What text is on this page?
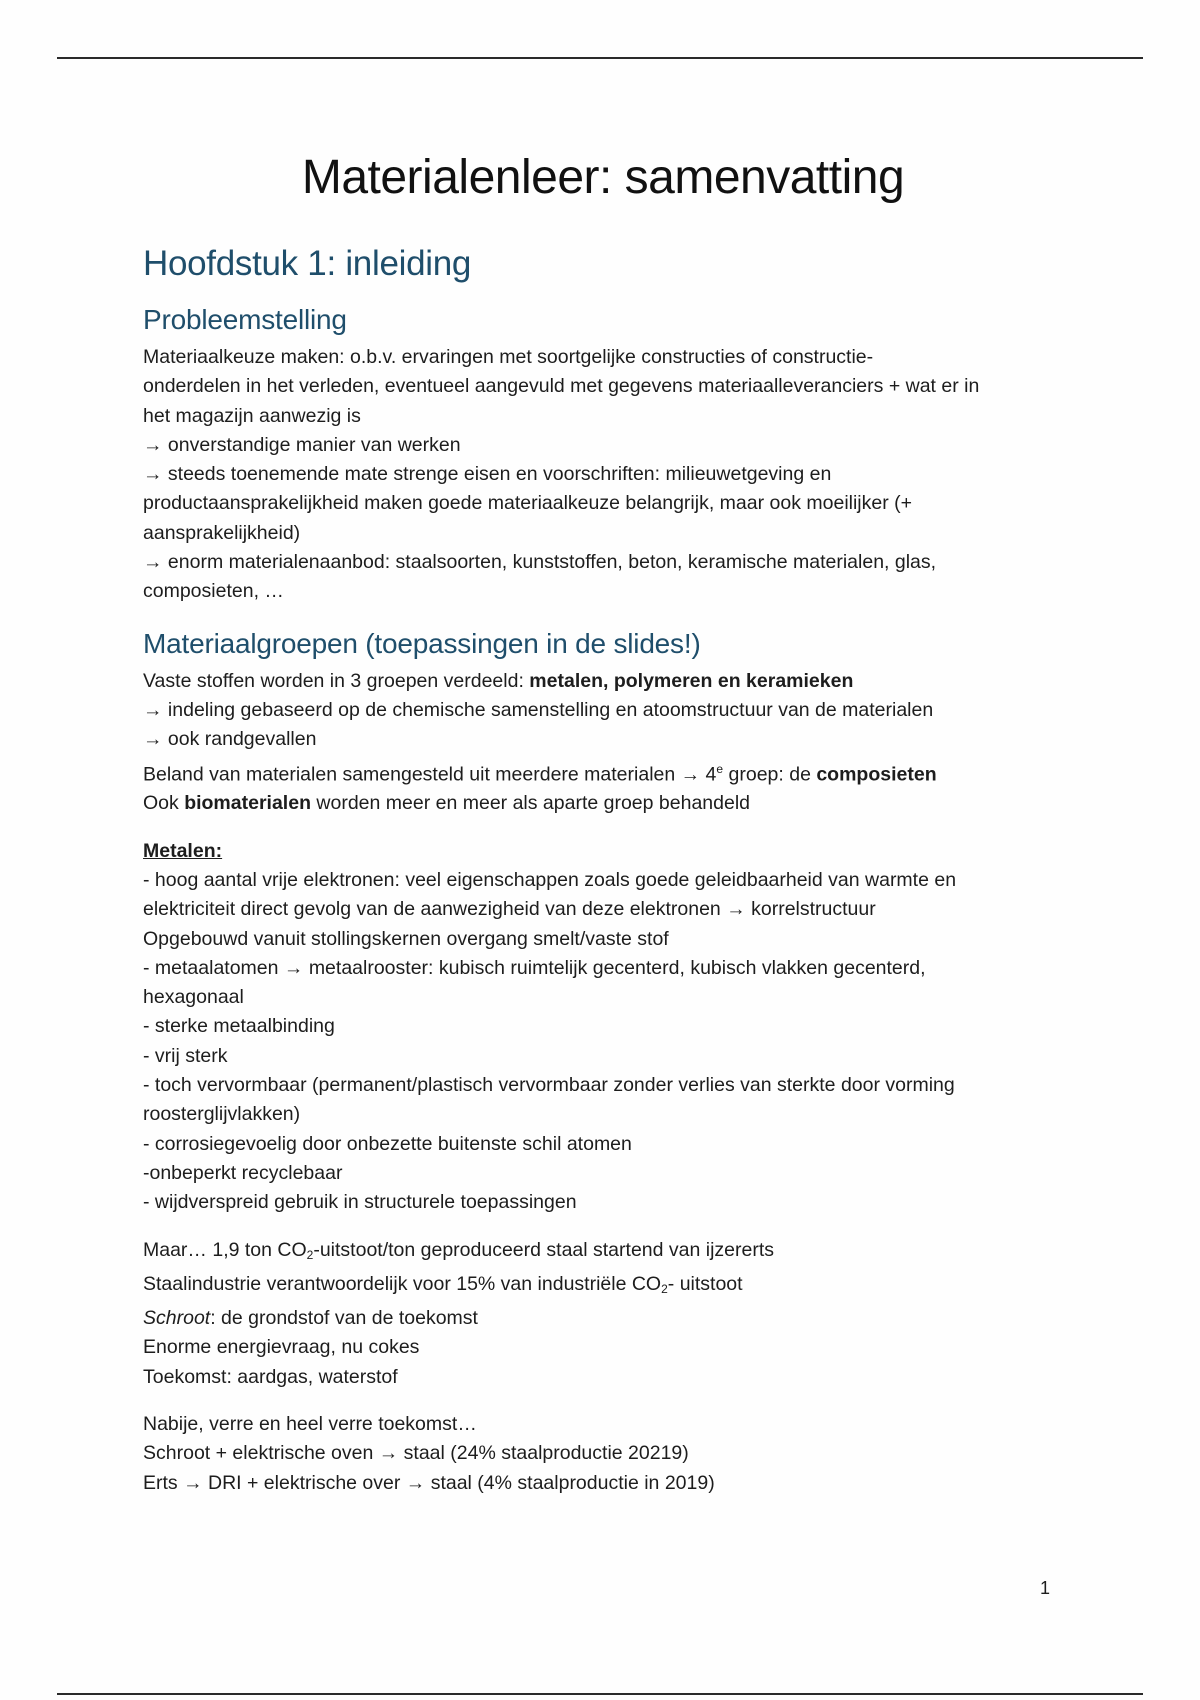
Materialenleer: samenvatting
Hoofdstuk 1: inleiding
Probleemstelling
Materiaalkeuze maken: o.b.v. ervaringen met soortgelijke constructies of constructie-
onderdelen in het verleden, eventueel aangevuld met gegevens materiaalleveranciers + wat er in
het magazijn aanwezig is
→ onverstandige manier van werken
→ steeds toenemende mate strenge eisen en voorschriften: milieuwetgeving en
productaansprakelijkheid maken goede materiaalkeuze belangrijk, maar ook moeilijker (+
aansprakelijkheid)
→ enorm materialenaanbod: staalsoorten, kunststoffen, beton, keramische materialen, glas,
composieten, …
Materiaalgroepen (toepassingen in de slides!)
Vaste stoffen worden in 3 groepen verdeeld: metalen, polymeren en keramieken
→ indeling gebaseerd op de chemische samenstelling en atoomstructuur van de materialen
→ ook randgevallen
Beland van materialen samengesteld uit meerdere materialen → $4^e$ groep: de composieten
Ook biomaterialen worden meer en meer als aparte groep behandeld
Metalen:
- hoog aantal vrije elektronen: veel eigenschappen zoals goede geleidbaarheid van warmte en
elektriciteit direct gevolg van de aanwezigheid van deze elektronen → korrelstructuur
Opgebouwd vanuit stollingskernen overgang smelt/vaste stof
- metaalatomen → metaalrooster: kubisch ruimtelijk gecenterd, kubisch vlakken gecenterd,
hexagonaal
- sterke metaalbinding
- vrij sterk
- toch vervormbaar (permanent/plastisch vervormbaar zonder verlies van sterkte door vorming
roosterglijvlakken)
- corrosiegevoelig door onbezette buitenste schil atomen
-onbeperkt recyclebaar
- wijdverspreid gebruik in structurele toepassingen
Maar… 1,9 ton $CO_2-uitstoot$/ton geproduceerd staal startend van ijzererts
Staalindustrie verantwoordelijk voor 15% van industriële $CO_2-$ uitstoot
Schroot: de grondstof van de toekomst
Enorme energievraag, nu cokes
Toekomst: aardgas, waterstof
Nabije, verre en heel verre toekomst…
Schroot + elektrische oven → staal (24% staalproductie 20219)
Erts → DRI + elektrische over → staal (4% staalproductie in 2019)
1
